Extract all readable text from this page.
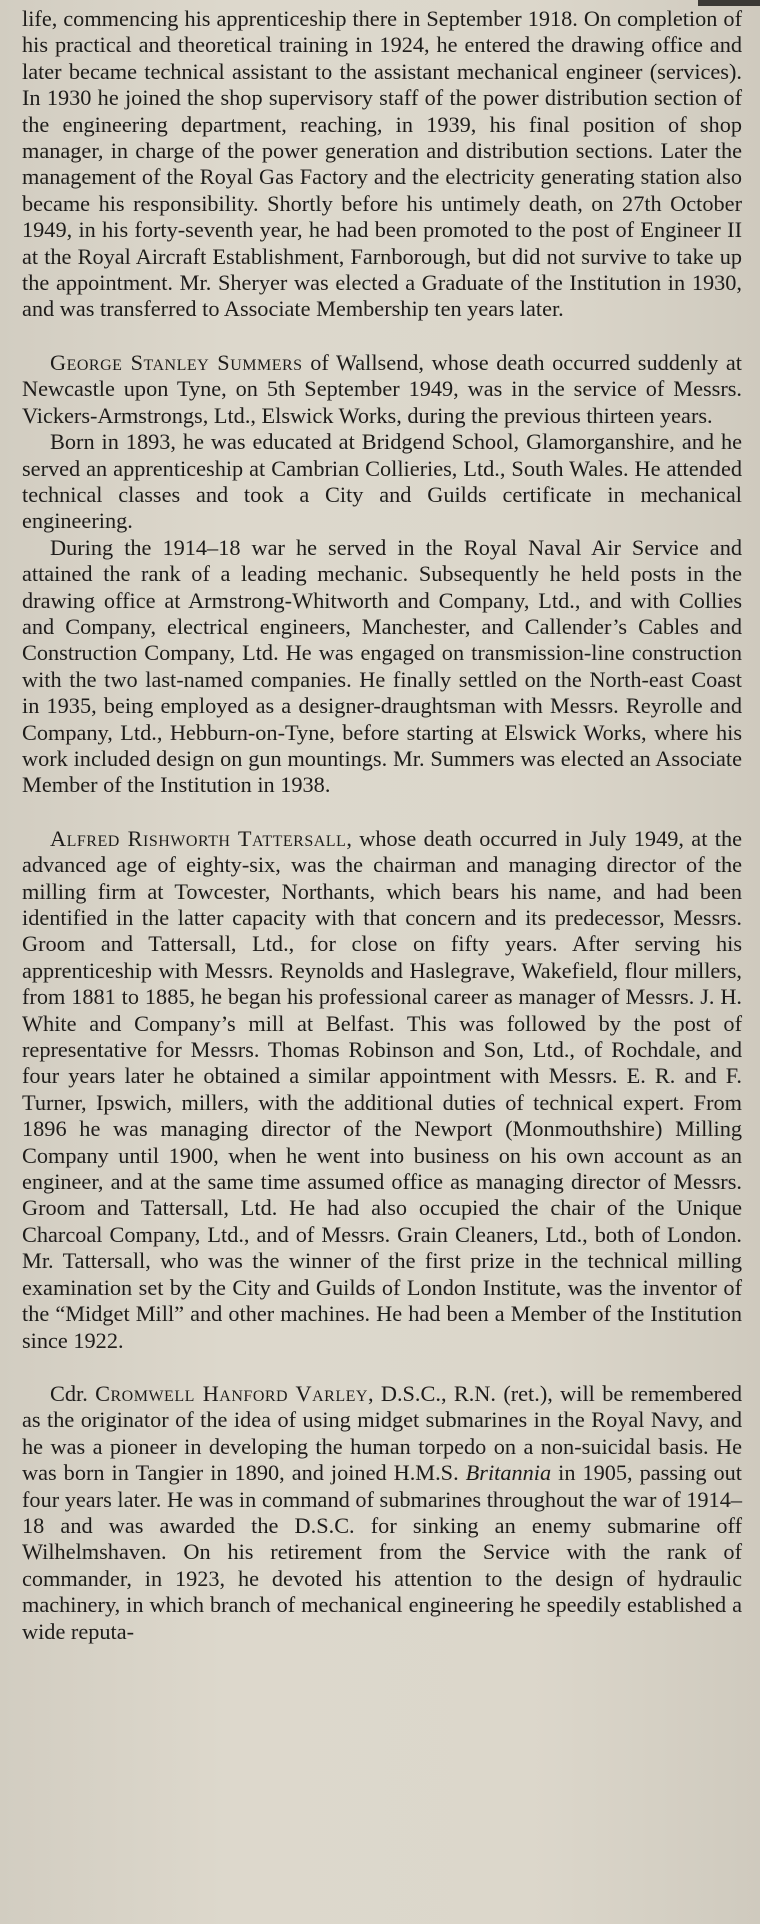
life, commencing his apprenticeship there in September 1918. On completion of his practical and theoretical training in 1924, he entered the drawing office and later became technical assistant to the assistant mechanical engineer (services). In 1930 he joined the shop supervisory staff of the power distribution section of the engineering department, reaching, in 1939, his final position of shop manager, in charge of the power generation and distribution sections. Later the management of the Royal Gas Factory and the electricity generating station also became his responsibility. Shortly before his untimely death, on 27th October 1949, in his forty-seventh year, he had been promoted to the post of Engineer II at the Royal Aircraft Establishment, Farnborough, but did not survive to take up the appointment. Mr. Sheryer was elected a Graduate of the Institution in 1930, and was transferred to Associate Membership ten years later.

George Stanley Summers of Wallsend, whose death occurred suddenly at Newcastle upon Tyne, on 5th September 1949, was in the service of Messrs. Vickers-Armstrongs, Ltd., Elswick Works, during the previous thirteen years.

Born in 1893, he was educated at Bridgend School, Glamorganshire, and he served an apprenticeship at Cambrian Collieries, Ltd., South Wales. He attended technical classes and took a City and Guilds certificate in mechanical engineering.

During the 1914–18 war he served in the Royal Naval Air Service and attained the rank of a leading mechanic. Subsequently he held posts in the drawing office at Armstrong-Whitworth and Company, Ltd., and with Collies and Company, electrical engineers, Manchester, and Callender’s Cables and Construction Company, Ltd. He was engaged on transmission-line construction with the two last-named companies. He finally settled on the North-east Coast in 1935, being employed as a designer-draughtsman with Messrs. Reyrolle and Company, Ltd., Hebburn-on-Tyne, before starting at Elswick Works, where his work included design on gun mountings. Mr. Summers was elected an Associate Member of the Institution in 1938.

Alfred Rishworth Tattersall, whose death occurred in July 1949, at the advanced age of eighty-six, was the chairman and managing director of the milling firm at Towcester, Northants, which bears his name, and had been identified in the latter capacity with that concern and its predecessor, Messrs. Groom and Tattersall, Ltd., for close on fifty years. After serving his apprenticeship with Messrs. Reynolds and Haslegrave, Wakefield, flour millers, from 1881 to 1885, he began his professional career as manager of Messrs. J. H. White and Company’s mill at Belfast. This was followed by the post of representative for Messrs. Thomas Robinson and Son, Ltd., of Rochdale, and four years later he obtained a similar appointment with Messrs. E. R. and F. Turner, Ipswich, millers, with the additional duties of technical expert. From 1896 he was managing director of the Newport (Monmouthshire) Milling Company until 1900, when he went into business on his own account as an engineer, and at the same time assumed office as managing director of Messrs. Groom and Tattersall, Ltd. He had also occupied the chair of the Unique Charcoal Company, Ltd., and of Messrs. Grain Cleaners, Ltd., both of London. Mr. Tattersall, who was the winner of the first prize in the technical milling examination set by the City and Guilds of London Institute, was the inventor of the “Midget Mill” and other machines. He had been a Member of the Institution since 1922.

Cdr. Cromwell Hanford Varley, D.S.C., R.N. (ret.), will be remembered as the originator of the idea of using midget submarines in the Royal Navy, and he was a pioneer in developing the human torpedo on a non-suicidal basis. He was born in Tangier in 1890, and joined H.M.S. Britannia in 1905, passing out four years later. He was in command of submarines throughout the war of 1914–18 and was awarded the D.S.C. for sinking an enemy submarine off Wilhelmshaven. On his retirement from the Service with the rank of commander, in 1923, he devoted his attention to the design of hydraulic machinery, in which branch of mechanical engineering he speedily established a wide reputa-
